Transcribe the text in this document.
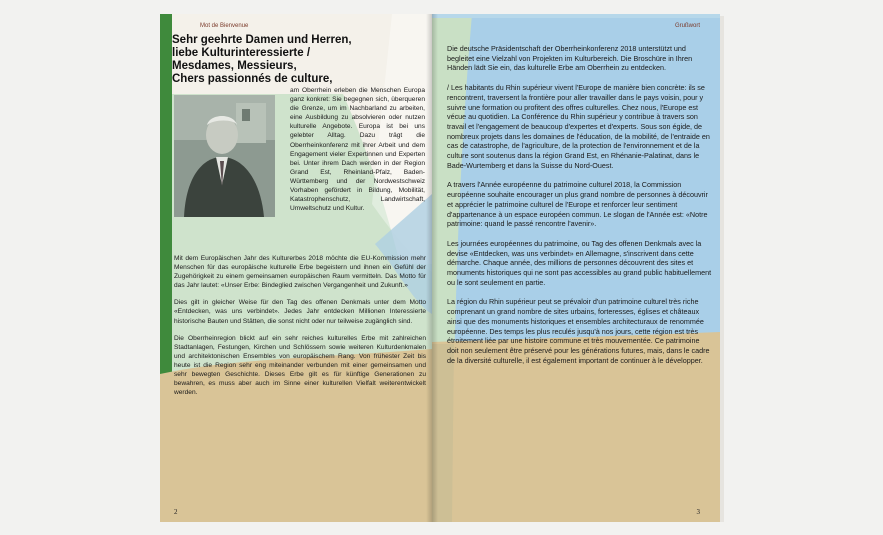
Mot de Bienvenue
Sehr geehrte Damen und Herren,
liebe Kulturinteressierte /
Mesdames, Messieurs,
Chers passionnés de culture,

am Oberrhein erleben die Menschen Europa ganz konkret: Sie begegnen sich, überqueren die Grenze, um im Nachbarland zu arbeiten, eine Ausbildung zu absolvieren oder nutzen kulturelle Angebote. Europa ist bei uns gelebter Alltag. Dazu trägt die Oberrheinkonferenz mit ihrer Arbeit und dem Engagement vieler Expertinnen und Experten bei. Unter ihrem Dach werden in der Region Grand Est, Rheinland-Pfalz, Baden-Württemberg und der Nordwestschweiz Vorhaben gefördert in Bildung, Mobilität, Katastrophenschutz, Landwirtschaft, Umweltschutz und Kultur.

Mit dem Europäischen Jahr des Kulturerbes 2018 möchte die EU-Kommission mehr Menschen für das europäische kulturelle Erbe begeistern und ihnen ein Gefühl der Zugehörigkeit zu einem gemeinsamen europäischen Raum vermitteln. Das Motto für das Jahr lautet: «Unser Erbe: Bindeglied zwischen Vergangenheit und Zukunft.»

Dies gilt in gleicher Weise für den Tag des offenen Denkmals unter dem Motto «Entdecken, was uns verbindet». Jedes Jahr entdecken Millionen Interessierte historische Bauten und Stätten, die sonst nicht oder nur teilweise zugänglich sind.

Die Oberrheinregion blickt auf ein sehr reiches kulturelles Erbe mit zahlreichen Stadtanlagen, Festungen, Kirchen und Schlössern sowie weiteren Kulturdenkmalen und architektonischen Ensembles von europäischem Rang. Von frühester Zeit bis heute ist die Region sehr eng miteinander verbunden mit einer gemeinsamen und sehr bewegten Geschichte. Dieses Erbe gilt es für künftige Generationen zu bewahren, es muss aber auch im Sinne einer kulturellen Vielfalt weiterentwickelt werden.

2
Grußwort

Die deutsche Präsidentschaft der Oberrheinkonferenz 2018 unterstützt und begleitet eine Vielzahl von Projekten im Kulturbereich. Die Broschüre in Ihren Händen lädt Sie ein, das kulturelle Erbe am Oberrhein zu entdecken.

/ Les habitants du Rhin supérieur vivent l'Europe de manière bien concrète: ils se rencontrent, traversent la frontière pour aller travailler dans le pays voisin, pour y suivre une formation ou profitent des offres culturelles. Chez nous, l'Europe est vécue au quotidien. La Conférence du Rhin supérieur y contribue à travers son travail et l'engagement de beaucoup d'expertes et d'experts. Sous son égide, de nombreux projets dans les domaines de l'éducation, de la mobilité, de l'entraide en cas de catastrophe, de l'agriculture, de la protection de l'environnement et de la culture sont soutenus dans la région Grand Est, en Rhénanie-Palatinat, dans le Bade-Wurtemberg et dans la Suisse du Nord-Ouest.

A travers l'Année européenne du patrimoine culturel 2018, la Commission européenne souhaite encourager un plus grand nombre de personnes à découvrir et apprécier le patrimoine culturel de l'Europe et renforcer leur sentiment d'appartenance à un espace européen commun. Le slogan de l'Année est: «Notre patrimoine: quand le passé rencontre l'avenir».

Les journées européennes du patrimoine, ou Tag des offenen Denkmals avec la devise «Entdecken, was uns verbindet» en Allemagne, s'inscrivent dans cette démarche. Chaque année, des millions de personnes découvrent des sites et monuments historiques qui ne sont pas accessibles au grand public habituellement ou le sont seulement en partie.

La région du Rhin supérieur peut se prévaloir d'un patrimoine culturel très riche comprenant un grand nombre de sites urbains, forteresses, églises et châteaux ainsi que des monuments historiques et ensembles architecturaux de renommée européenne. Des temps les plus reculés jusqu'à nos jours, cette région est très étroitement liée par une histoire commune et très mouvementée. Ce patrimoine doit non seulement être préservé pour les générations futures, mais, dans le cadre de la diversité culturelle, il est également important de continuer à le développer.

3
